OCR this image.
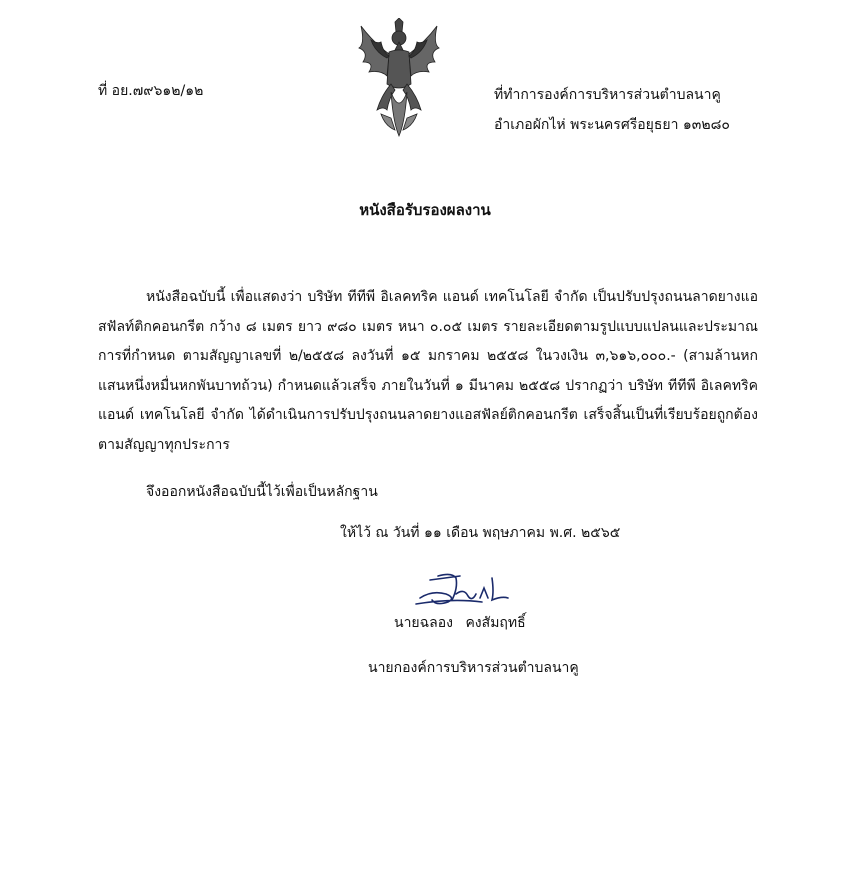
ที่ อย.๗๙๖๑๒/๑๒	ที่ทำการองค์การบริหารส่วนตำบลนาคู
อำเภอผักไห่ พระนครศรีอยุธยา ๑๓๒๘๐
หนังสือรับรองผลงาน

หนังสือฉบับนี้ เพื่อแสดงว่า บริษัท ทีทีพี อิเลคทริค แอนด์ เทคโนโลยี จำกัด เป็นปรับปรุงถนนลาดยางแอสฟัลท์ติกคอนกรีต กว้าง ๘ เมตร ยาว ๙๘๐ เมตร หนา ๐.๐๕ เมตร รายละเอียดตามรูปแบบแปลนและประมาณการที่กำหนด ตามสัญญาเลขที่ ๒/๒๕๕๘ ลงวันที่ ๑๕ มกราคม ๒๕๕๘ ในวงเงิน ๓,๖๑๖,๐๐๐.- (สามล้านหกแสนหนึ่งหมื่นหกพันบาทถ้วน) กำหนดแล้วเสร็จ ภายในวันที่ ๑ มีนาคม ๒๕๕๘ ปรากฏว่า บริษัท ทีทีพี อิเลคทริค แอนด์ เทคโนโลยี จำกัด ได้ดำเนินการปรับปรุงถนนลาดยางแอสฟัลย์ติกคอนกรีต เสร็จสิ้นเป็นที่เรียบร้อยถูกต้องตามสัญญาทุกประการ

จึงออกหนังสือฉบับนี้ไว้เพื่อเป็นหลักฐาน
ให้ไว้ ณ วันที่ ๑๑ เดือน พฤษภาคม พ.ศ. ๒๕๖๕
นายฉลอง คงสัมฤทธิ์
นายกองค์การบริหารส่วนตำบลนาคู
